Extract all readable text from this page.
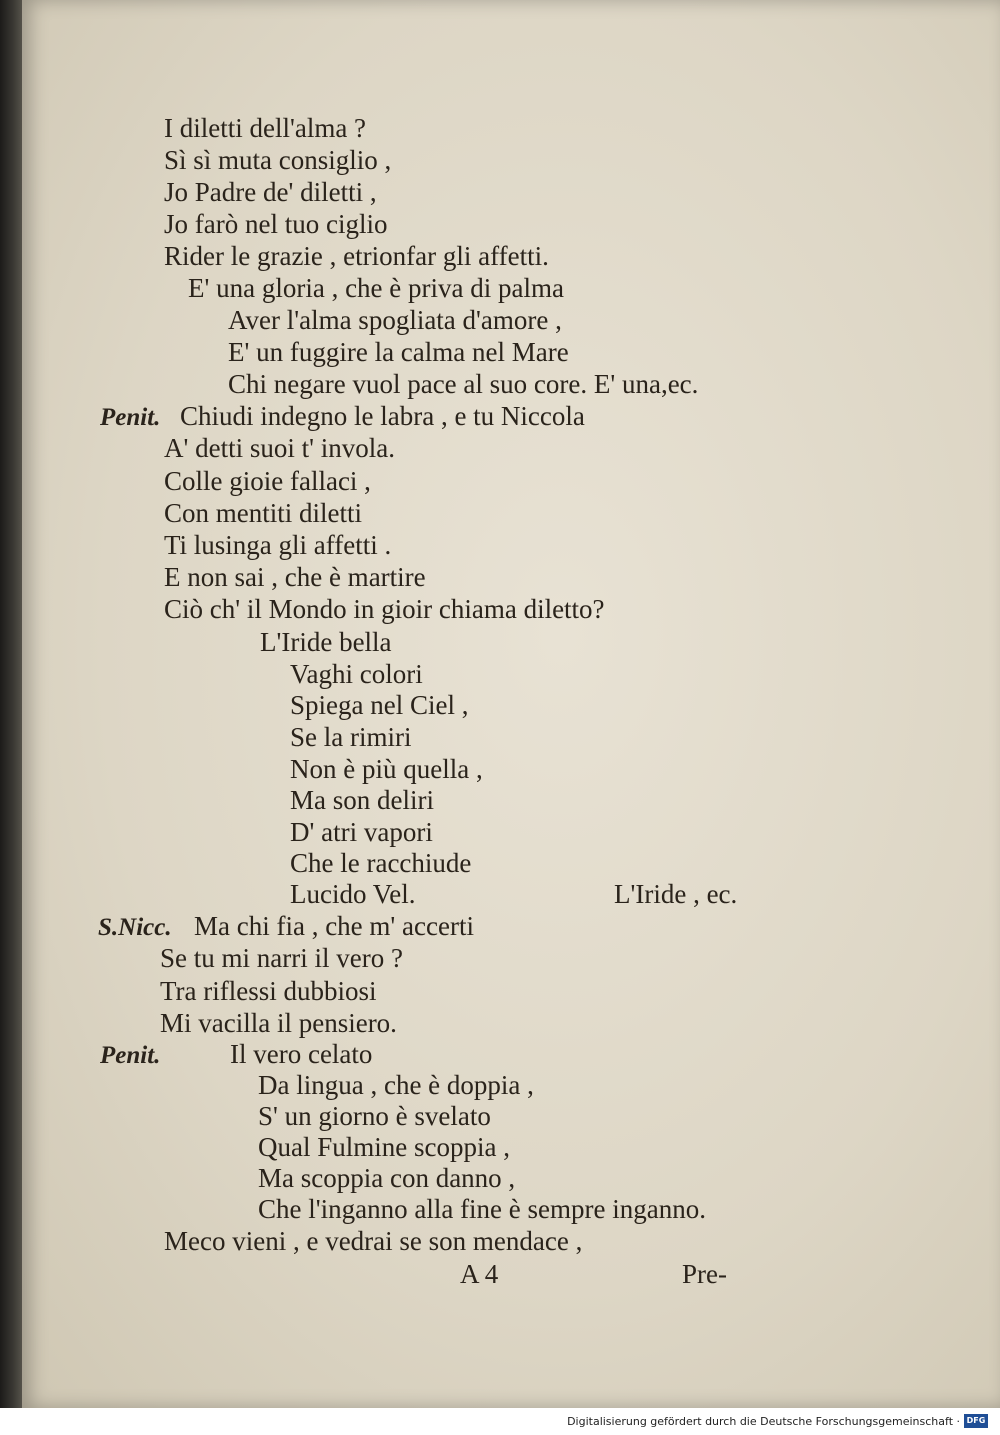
I diletti dell'alma ?
Sì sì muta consiglio ,
Jo Padre de' diletti ,
Jo farò nel tuo ciglio
Rider le grazie , etrionfar gli affetti.
E' una gloria , che è priva di palma
Aver l'alma spogliata d'amore ,
E' un fuggire la calma nel Mare
Chi negare vuol pace al suo core. E' una,ec.
Penit. Chiudi indegno le labra , e tu Niccola
A' detti suoi t' invola.
Colle gioie fallaci ,
Con mentiti diletti
Ti lusinga gli affetti .
E non sai , che è martire
Ciò ch' il Mondo in gioir chiama diletto?
L'Iride bella
Vaghi colori
Spiega nel Ciel ,
Se la rimiri
Non è più quella ,
Ma son deliri
D' atri vapori
Che le racchiude
Lucido Vel.	L'Iride , ec.
S.Nicc. Ma chi fia , che m' accerti
Se tu mi narri il vero ?
Tra riflessi dubbiosi
Mi vacilla il pensiero.
Penit.	Il vero celato
Da lingua , che è doppia ,
S' un giorno è svelato
Qual Fulmine scoppia ,
Ma scoppia con danno ,
Che l'inganno alla fine è sempre inganno.
Meco vieni , e vedrai se son mendace ,
A 4	Pre-
Digitalisierung gefördert durch die Deutsche Forschungsgemeinschaft · DFG
